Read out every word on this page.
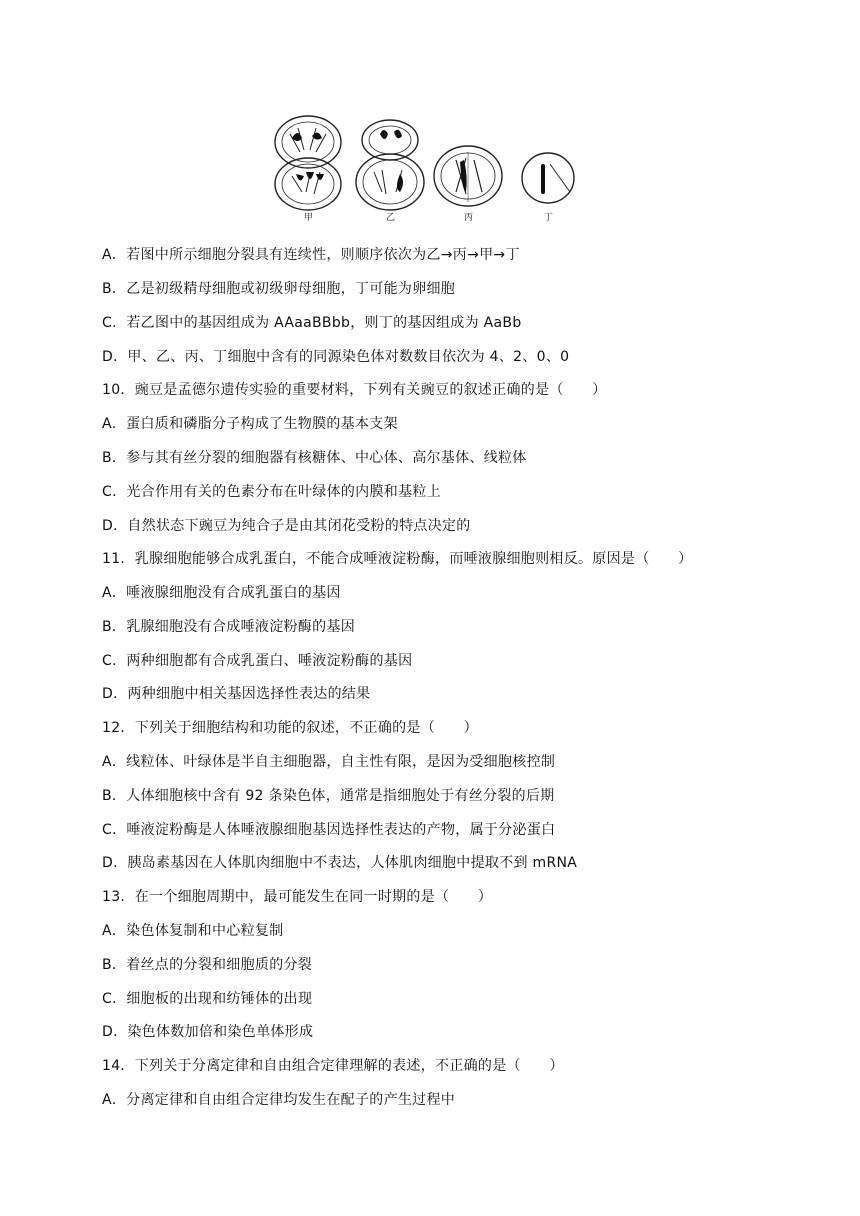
甲	乙	丙	丁
A．若图中所示细胞分裂具有连续性，则顺序依次为乙→丙→甲→丁
B．乙是初级精母细胞或初级卵母细胞，丁可能为卵细胞
C．若乙图中的基因组成为 AAaaBBbb，则丁的基因组成为 AaBb
D．甲、乙、丙、丁细胞中含有的同源染色体对数数目依次为 4、2、0、0
10．豌豆是孟德尔遗传实验的重要材料，下列有关豌豆的叙述正确的是（　　）
A．蛋白质和磷脂分子构成了生物膜的基本支架
B．参与其有丝分裂的细胞器有核糖体、中心体、高尔基体、线粒体
C．光合作用有关的色素分布在叶绿体的内膜和基粒上
D．自然状态下豌豆为纯合子是由其闭花受粉的特点决定的
11．乳腺细胞能够合成乳蛋白，不能合成唾液淀粉酶，而唾液腺细胞则相反。原因是（　　）
A．唾液腺细胞没有合成乳蛋白的基因
B．乳腺细胞没有合成唾液淀粉酶的基因
C．两种细胞都有合成乳蛋白、唾液淀粉酶的基因
D．两种细胞中相关基因选择性表达的结果
12．下列关于细胞结构和功能的叙述，不正确的是（　　）
A．线粒体、叶绿体是半自主细胞器，自主性有限，是因为受细胞核控制
B．人体细胞核中含有 92 条染色体，通常是指细胞处于有丝分裂的后期
C．唾液淀粉酶是人体唾液腺细胞基因选择性表达的产物，属于分泌蛋白
D．胰岛素基因在人体肌肉细胞中不表达，人体肌肉细胞中提取不到 mRNA
13．在一个细胞周期中，最可能发生在同一时期的是（　　）
A．染色体复制和中心粒复制
B．着丝点的分裂和细胞质的分裂
C．细胞板的出现和纺锤体的出现
D．染色体数加倍和染色单体形成
14．下列关于分离定律和自由组合定律理解的表述，不正确的是（　　）
A．分离定律和自由组合定律均发生在配子的产生过程中
